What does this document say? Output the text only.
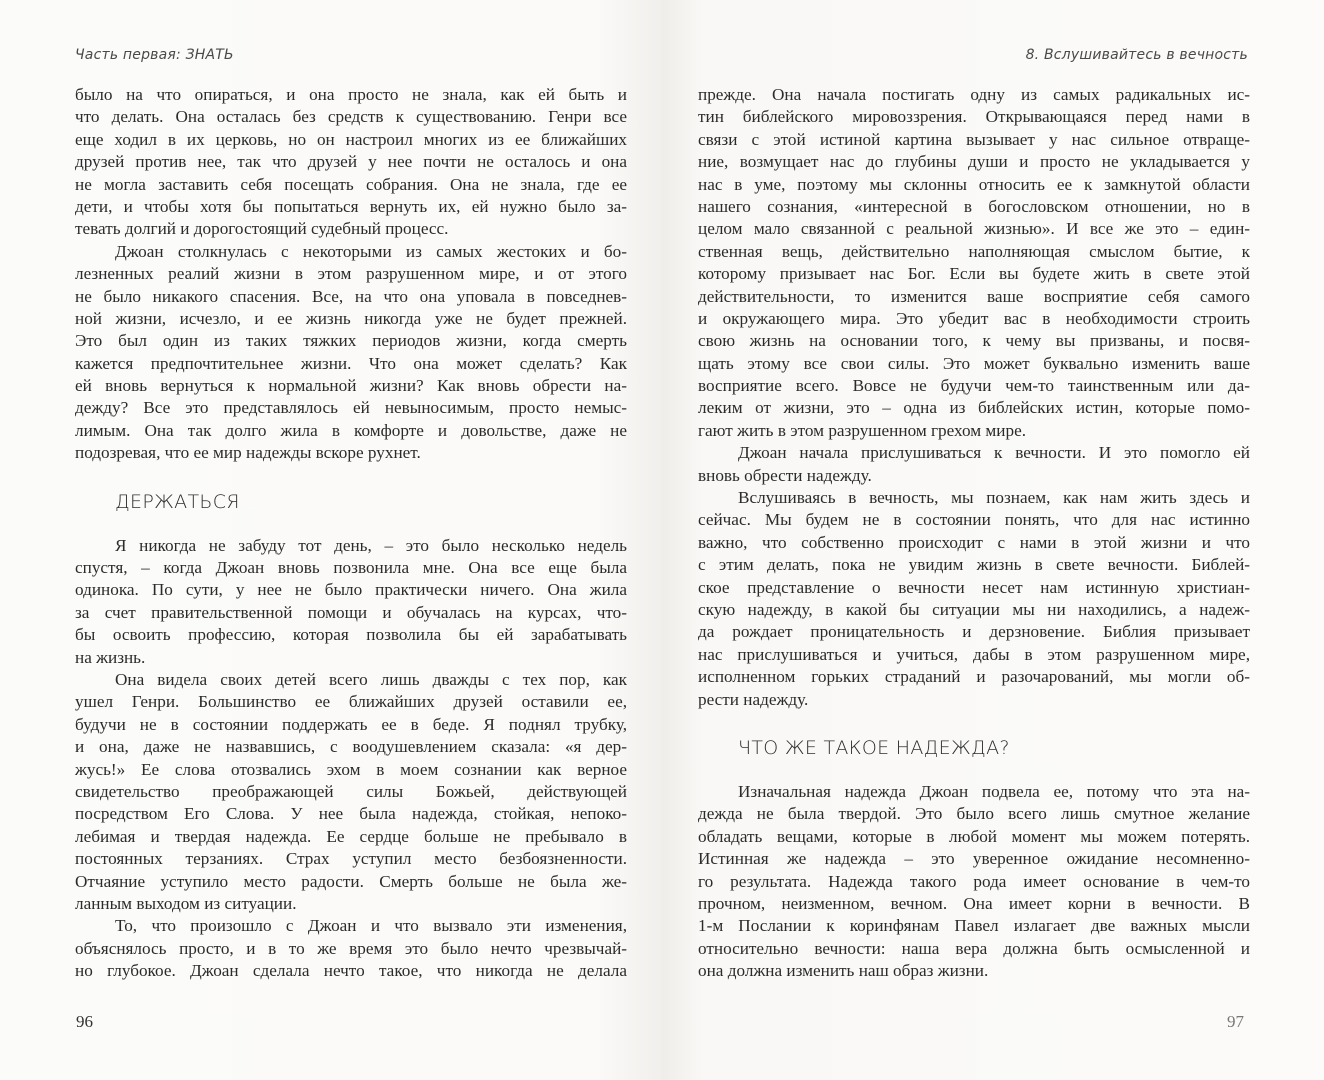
Часть первая: ЗНАТЬ
было на что опираться, и она просто не знала, как ей быть и
что делать. Она осталась без средств к существованию. Генри все
еще ходил в их церковь, но он настроил многих из ее ближайших
друзей против нее, так что друзей у нее почти не осталось и она
не могла заставить себя посещать собрания. Она не знала, где ее
дети, и чтобы хотя бы попытаться вернуть их, ей нужно было за-
тевать долгий и дорогостоящий судебный процесс.
Джоан столкнулась с некоторыми из самых жестоких и бо-
лезненных реалий жизни в этом разрушенном мире, и от этого
не было никакого спасения. Все, на что она уповала в повседнев-
ной жизни, исчезло, и ее жизнь никогда уже не будет прежней.
Это был один из таких тяжких периодов жизни, когда смерть
кажется предпочтительнее жизни. Что она может сделать? Как
ей вновь вернуться к нормальной жизни? Как вновь обрести на-
дежду? Все это представлялось ей невыносимым, просто немыс-
лимым. Она так долго жила в комфорте и довольстве, даже не
подозревая, что ее мир надежды вскоре рухнет.
ДЕРЖАТЬСЯ
Я никогда не забуду тот день, – это было несколько недель
спустя, – когда Джоан вновь позвонила мне. Она все еще была
одинока. По сути, у нее не было практически ничего. Она жила
за счет правительственной помощи и обучалась на курсах, что-
бы освоить профессию, которая позволила бы ей зарабатывать
на жизнь.
Она видела своих детей всего лишь дважды с тех пор, как
ушел Генри. Большинство ее ближайших друзей оставили ее,
будучи не в состоянии поддержать ее в беде. Я поднял трубку,
и она, даже не назвавшись, с воодушевлением сказала: «я дер-
жусь!» Ее слова отозвались эхом в моем сознании как верное
свидетельство преображающей силы Божьей, действующей
посредством Его Слова. У нее была надежда, стойкая, непоко-
лебимая и твердая надежда. Ее сердце больше не пребывало в
постоянных терзаниях. Страх уступил место безбоязненности.
Отчаяние уступило место радости. Смерть больше не была же-
ланным выходом из ситуации.
То, что произошло с Джоан и что вызвало эти изменения,
объяснялось просто, и в то же время это было нечто чрезвычай-
но глубокое. Джоан сделала нечто такое, что никогда не делала
96
8. Вслушивайтесь в вечность
прежде. Она начала постигать одну из самых радикальных ис-
тин библейского мировоззрения. Открывающаяся перед нами в
связи с этой истиной картина вызывает у нас сильное отвраще-
ние, возмущает нас до глубины души и просто не укладывается у
нас в уме, поэтому мы склонны относить ее к замкнутой области
нашего сознания, «интересной в богословском отношении, но в
целом мало связанной с реальной жизнью». И все же это – един-
ственная вещь, действительно наполняющая смыслом бытие, к
которому призывает нас Бог. Если вы будете жить в свете этой
действительности, то изменится ваше восприятие себя самого
и окружающего мира. Это убедит вас в необходимости строить
свою жизнь на основании того, к чему вы призваны, и посвя-
щать этому все свои силы. Это может буквально изменить ваше
восприятие всего. Вовсе не будучи чем-то таинственным или да-
леким от жизни, это – одна из библейских истин, которые помо-
гают жить в этом разрушенном грехом мире.
Джоан начала прислушиваться к вечности. И это помогло ей
вновь обрести надежду.
Вслушиваясь в вечность, мы познаем, как нам жить здесь и
сейчас. Мы будем не в состоянии понять, что для нас истинно
важно, что собственно происходит с нами в этой жизни и что
с этим делать, пока не увидим жизнь в свете вечности. Библей-
ское представление о вечности несет нам истинную христиан-
скую надежду, в какой бы ситуации мы ни находились, а надеж-
да рождает проницательность и дерзновение. Библия призывает
нас прислушиваться и учиться, дабы в этом разрушенном мире,
исполненном горьких страданий и разочарований, мы могли об-
рести надежду.
ЧТО ЖЕ ТАКОЕ НАДЕЖДА?
Изначальная надежда Джоан подвела ее, потому что эта на-
дежда не была твердой. Это было всего лишь смутное желание
обладать вещами, которые в любой момент мы можем потерять.
Истинная же надежда – это уверенное ожидание несомненно-
го результата. Надежда такого рода имеет основание в чем-то
прочном, неизменном, вечном. Она имеет корни в вечности. В
1-м Послании к коринфянам Павел излагает две важных мысли
относительно вечности: наша вера должна быть осмысленной и
она должна изменить наш образ жизни.
97
